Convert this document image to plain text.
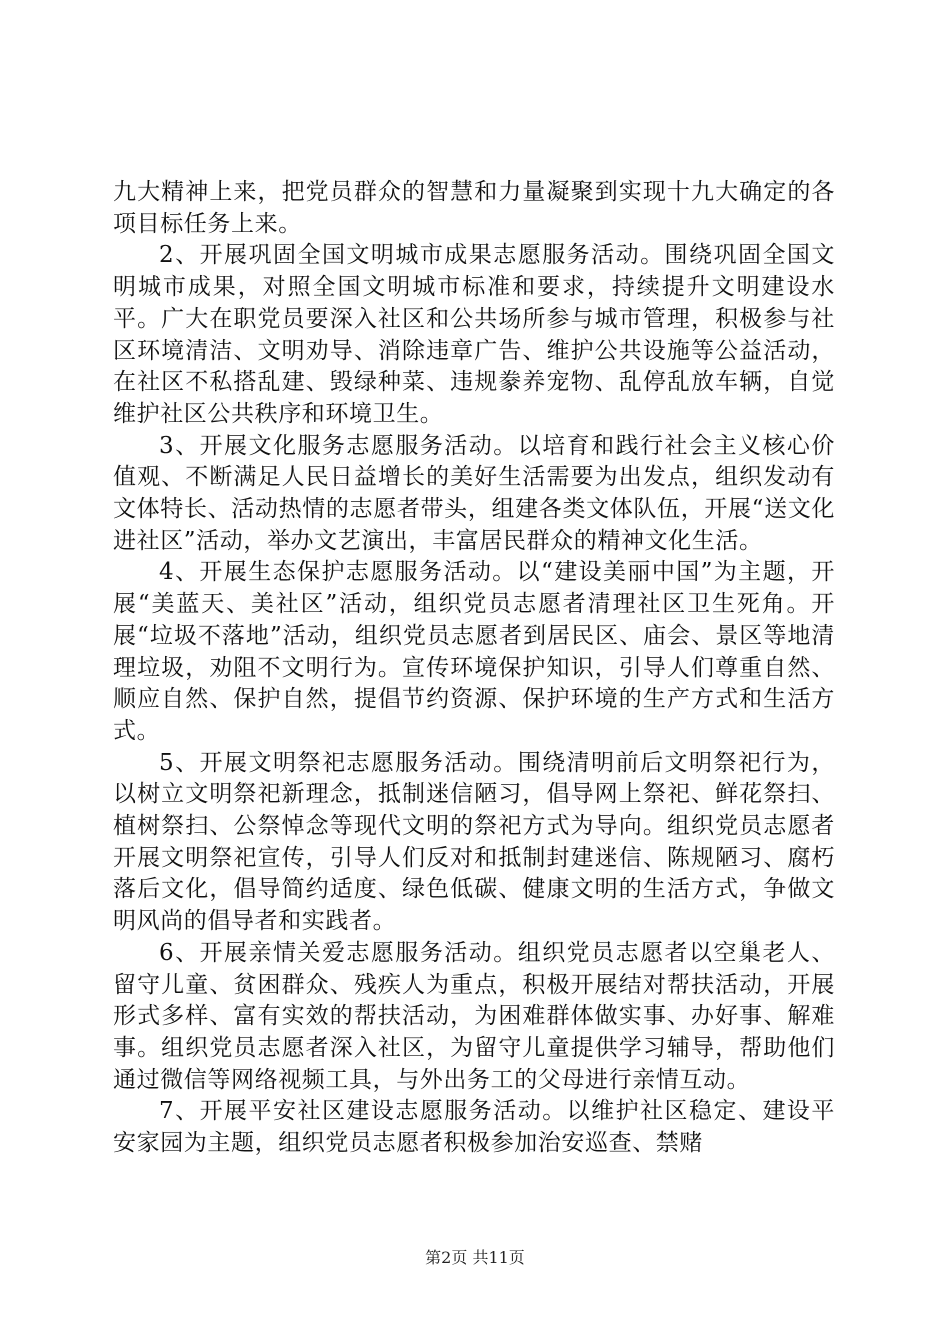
九大精神上来，把党员群众的智慧和力量凝聚到实现十九大确定的各项目标任务上来。

2、开展巩固全国文明城市成果志愿服务活动。围绕巩固全国文明城市成果，对照全国文明城市标准和要求，持续提升文明建设水平。广大在职党员要深入社区和公共场所参与城市管理，积极参与社区环境清洁、文明劝导、消除违章广告、维护公共设施等公益活动，在社区不私搭乱建、毁绿种菜、违规豢养宠物、乱停乱放车辆，自觉维护社区公共秩序和环境卫生。

3、开展文化服务志愿服务活动。以培育和践行社会主义核心价值观、不断满足人民日益增长的美好生活需要为出发点，组织发动有文体特长、活动热情的志愿者带头，组建各类文体队伍，开展“送文化进社区”活动，举办文艺演出，丰富居民群众的精神文化生活。

4、开展生态保护志愿服务活动。以“建设美丽中国”为主题，开展“美蓝天、美社区”活动，组织党员志愿者清理社区卫生死角。开展“垃圾不落地”活动，组织党员志愿者到居民区、庙会、景区等地清理垃圾，劝阻不文明行为。宣传环境保护知识，引导人们尊重自然、顺应自然、保护自然，提倡节约资源、保护环境的生产方式和生活方式。

5、开展文明祭祀志愿服务活动。围绕清明前后文明祭祀行为，以树立文明祭祀新理念，抵制迷信陋习，倡导网上祭祀、鲜花祭扫、植树祭扫、公祭悼念等现代文明的祭祀方式为导向。组织党员志愿者开展文明祭祀宣传，引导人们反对和抵制封建迷信、陈规陋习、腐朽落后文化，倡导简约适度、绿色低碳、健康文明的生活方式，争做文明风尚的倡导者和实践者。

6、开展亲情关爱志愿服务活动。组织党员志愿者以空巢老人、留守儿童、贫困群众、残疾人为重点，积极开展结对帮扶活动，开展形式多样、富有实效的帮扶活动，为困难群体做实事、办好事、解难事。组织党员志愿者深入社区，为留守儿童提供学习辅导，帮助他们通过微信等网络视频工具，与外出务工的父母进行亲情互动。

7、开展平安社区建设志愿服务活动。以维护社区稳定、建设平安家园为主题，组织党员志愿者积极参加治安巡查、禁赌

第2页 共11页
